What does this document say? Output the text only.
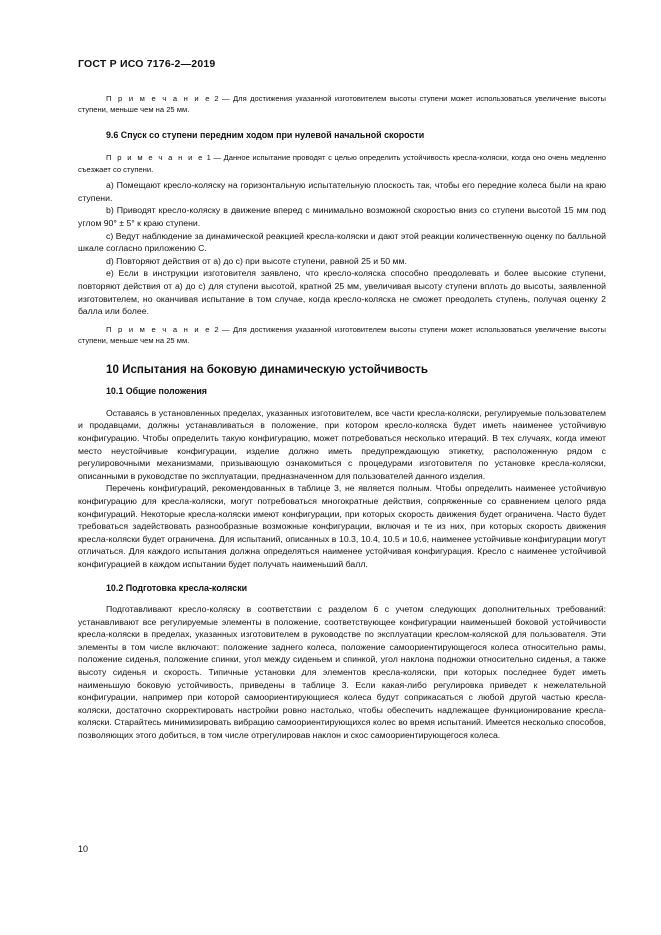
ГОСТ Р ИСО 7176-2—2019

П р и м е ч а н и е 2 — Для достижения указанной изготовителем высоты ступени может использоваться увеличение высоты ступени, меньше чем на 25 мм.

9.6 Спуск со ступени передним ходом при нулевой начальной скорости

П р и м е ч а н и е 1 — Данное испытание проводят с целью определить устойчивость кресла-коляски, когда оно очень медленно съезжает со ступени.

a) Помещают кресло-коляску на горизонтальную испытательную плоскость так, чтобы его передние колеса были на краю ступени.

b) Приводят кресло-коляску в движение вперед с минимально возможной скоростью вниз со ступени высотой 15 мм под углом 90° ± 5° к краю ступени.

c) Ведут наблюдение за динамической реакцией кресла-коляски и дают этой реакции количественную оценку по балльной шкале согласно приложению C.

d) Повторяют действия от a) до c) при высоте ступени, равной 25 и 50 мм.

e) Если в инструкции изготовителя заявлено, что кресло-коляска способно преодолевать и более высокие ступени, повторяют действия от a) до c) для ступени высотой, кратной 25 мм, увеличивая высоту ступени вплоть до высоты, заявленной изготовителем, но оканчивая испытание в том случае, когда кресло-коляска не сможет преодолеть ступень, получая оценку 2 балла или более.

П р и м е ч а н и е 2 — Для достижения указанной изготовителем высоты ступени может использоваться увеличение высоты ступени, меньше чем на 25 мм.

10 Испытания на боковую динамическую устойчивость

10.1 Общие положения

Оставаясь в установленных пределах, указанных изготовителем, все части кресла-коляски, регулируемые пользователем и продавцами, должны устанавливаться в положение, при котором кресло-коляска будет иметь наименее устойчивую конфигурацию. Чтобы определить такую конфигурацию, может потребоваться несколько итераций. В тех случаях, когда имеют место неустойчивые конфигурации, изделие должно иметь предупреждающую этикетку, расположенную рядом с регулировочными механизмами, призывающую ознакомиться с процедурами изготовителя по установке кресла-коляски, описанными в руководстве по эксплуатации, предназначенном для пользователей данного изделия.

Перечень конфигураций, рекомендованных в таблице 3, не является полным. Чтобы определить наименее устойчивую конфигурацию для кресла-коляски, могут потребоваться многократные действия, сопряженные со сравнением целого ряда конфигураций. Некоторые кресла-коляски имеют конфигурации, при которых скорость движения будет ограничена. Часто будет требоваться задействовать разнообразные возможные конфигурации, включая и те из них, при которых скорость движения кресла-коляски будет ограничена. Для испытаний, описанных в 10.3, 10.4, 10.5 и 10.6, наименее устойчивые конфигурации могут отличаться. Для каждого испытания должна определяться наименее устойчивая конфигурация. Кресло с наименее устойчивой конфигурацией в каждом испытании будет получать наименьший балл.

10.2 Подготовка кресла-коляски

Подготавливают кресло-коляску в соответствии с разделом 6 с учетом следующих дополнительных требований: устанавливают все регулируемые элементы в положение, соответствующее конфигурации наименьшей боковой устойчивости кресла-коляски в пределах, указанных изготовителем в руководстве по эксплуатации креслом-коляской для пользователя. Эти элементы в том числе включают: положение заднего колеса, положение самоориентирующегося колеса относительно рамы, положение сиденья, положение спинки, угол между сиденьем и спинкой, угол наклона подножки относительно сиденья, а также высоту сиденья и скорость. Типичные установки для элементов кресла-коляски, при которых последнее будет иметь наименьшую боковую устойчивость, приведены в таблице 3. Если какая-либо регулировка приведет к нежелательной конфигурации, например при которой самоориентирующиеся колеса будут соприкасаться с любой другой частью кресла-коляски, достаточно скорректировать настройки ровно настолько, чтобы обеспечить надлежащее функционирование кресла-коляски. Старайтесь минимизировать вибрацию самоориентирующихся колес во время испытаний. Имеется несколько способов, позволяющих этого добиться, в том числе отрегулировав наклон и скос самоориентирующегося колеса.

10
